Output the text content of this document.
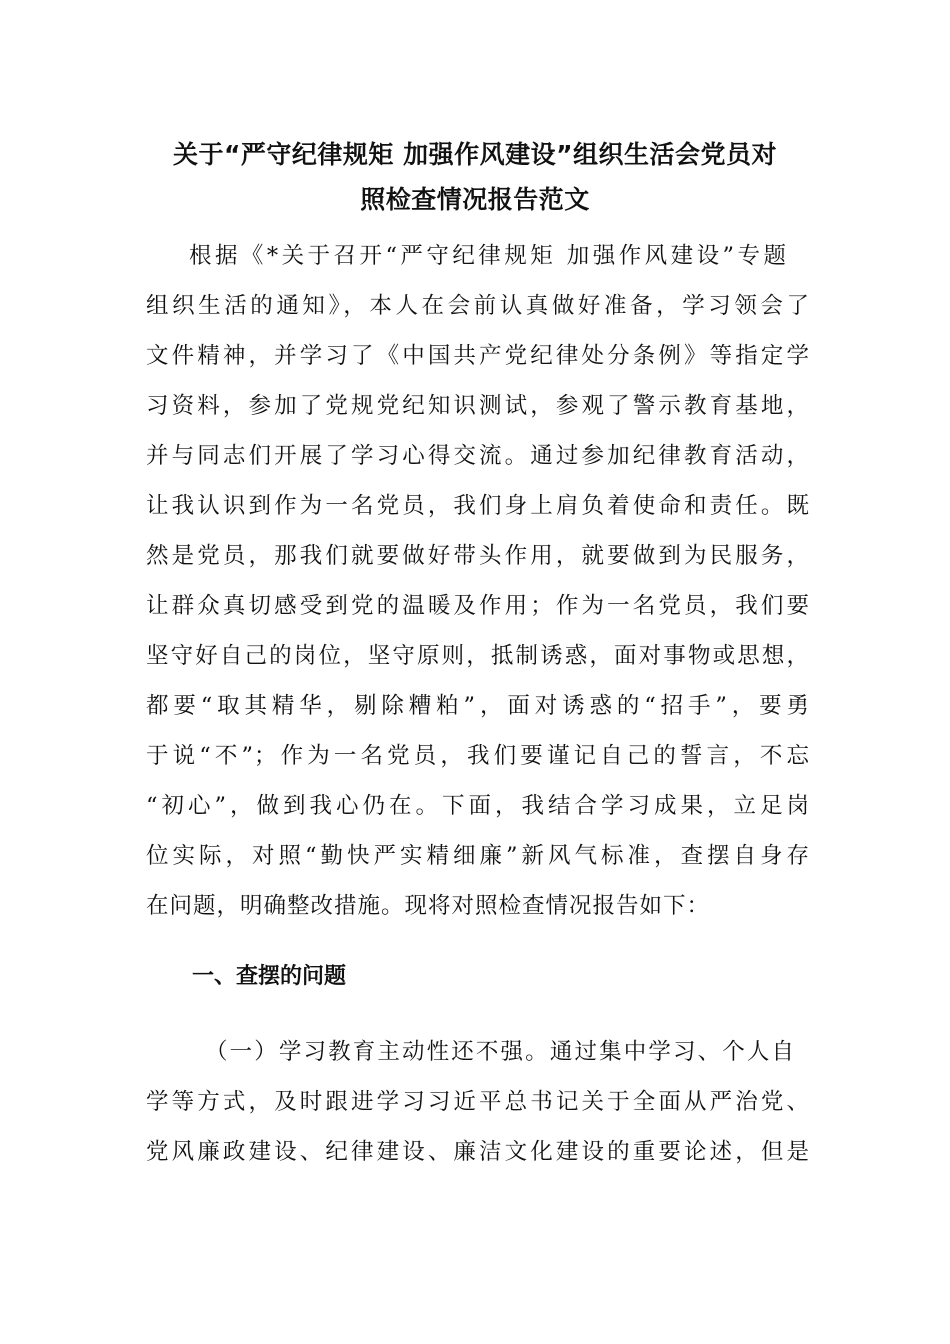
关于“严守纪律规矩 加强作风建设”组织生活会党员对
照检查情况报告范文
根据《*关于召开“严守纪律规矩 加强作风建设”专题
组织生活的通知》，本人在会前认真做好准备，学习领会了
文件精神，并学习了《中国共产党纪律处分条例》等指定学
习资料，参加了党规党纪知识测试，参观了警示教育基地，
并与同志们开展了学习心得交流。通过参加纪律教育活动，
让我认识到作为一名党员，我们身上肩负着使命和责任。既
然是党员，那我们就要做好带头作用，就要做到为民服务，
让群众真切感受到党的温暖及作用；作为一名党员，我们要
坚守好自己的岗位，坚守原则，抵制诱惑，面对事物或思想，
都要“取其精华，剔除糟粕”，面对诱惑的“招手”，要勇
于说“不”；作为一名党员，我们要谨记自己的誓言，不忘
“初心”，做到我心仍在。下面，我结合学习成果，立足岗
位实际，对照“勤快严实精细廉”新风气标准，查摆自身存
在问题，明确整改措施。现将对照检查情况报告如下：
一、查摆的问题
（一）学习教育主动性还不强。通过集中学习、个人自
学等方式，及时跟进学习习近平总书记关于全面从严治党、
党风廉政建设、纪律建设、廉洁文化建设的重要论述，但是
